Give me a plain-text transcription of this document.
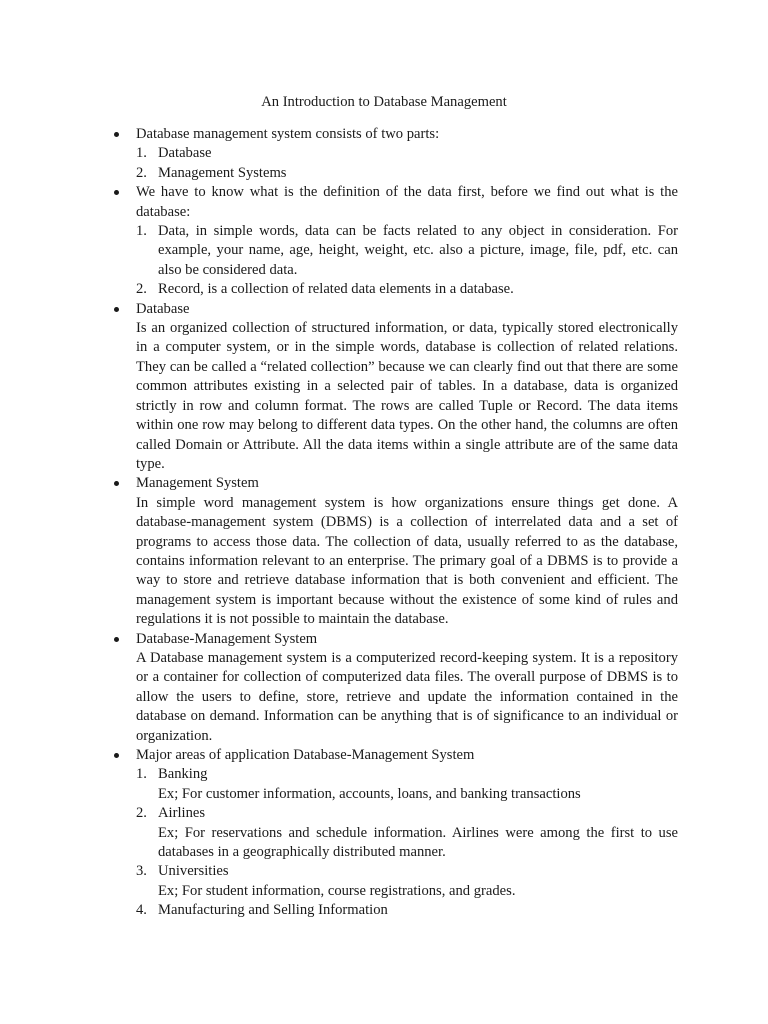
An Introduction to Database Management

Database management system consists of two parts:

1. Database

2. Management Systems

We have to know what is the definition of the data first, before we find out what is the database:

1. Data, in simple words, data can be facts related to any object in consideration. For example, your name, age, height, weight, etc. also a picture, image, file, pdf, etc. can also be considered data.

2. Record, is a collection of related data elements in a database.

Database

Is an organized collection of structured information, or data, typically stored electronically in a computer system, or in the simple words, database is collection of related relations. They can be called a “related collection” because we can clearly find out that there are some common attributes existing in a selected pair of tables. In a database, data is organized strictly in row and column format. The rows are called Tuple or Record. The data items within one row may belong to different data types. On the other hand, the columns are often called Domain or Attribute. All the data items within a single attribute are of the same data type.

Management System

In simple word management system is how organizations ensure things get done. A database-management system (DBMS) is a collection of interrelated data and a set of programs to access those data. The collection of data, usually referred to as the database, contains information relevant to an enterprise. The primary goal of a DBMS is to provide a way to store and retrieve database information that is both convenient and efficient. The management system is important because without the existence of some kind of rules and regulations it is not possible to maintain the database.

Database-Management System

A Database management system is a computerized record-keeping system. It is a repository or a container for collection of computerized data files. The overall purpose of DBMS is to allow the users to define, store, retrieve and update the information contained in the database on demand. Information can be anything that is of significance to an individual or organization.

Major areas of application Database-Management System

1. Banking

Ex; For customer information, accounts, loans, and banking transactions

2. Airlines

Ex; For reservations and schedule information. Airlines were among the first to use databases in a geographically distributed manner.

3. Universities

Ex; For student information, course registrations, and grades.

4. Manufacturing and Selling Information
